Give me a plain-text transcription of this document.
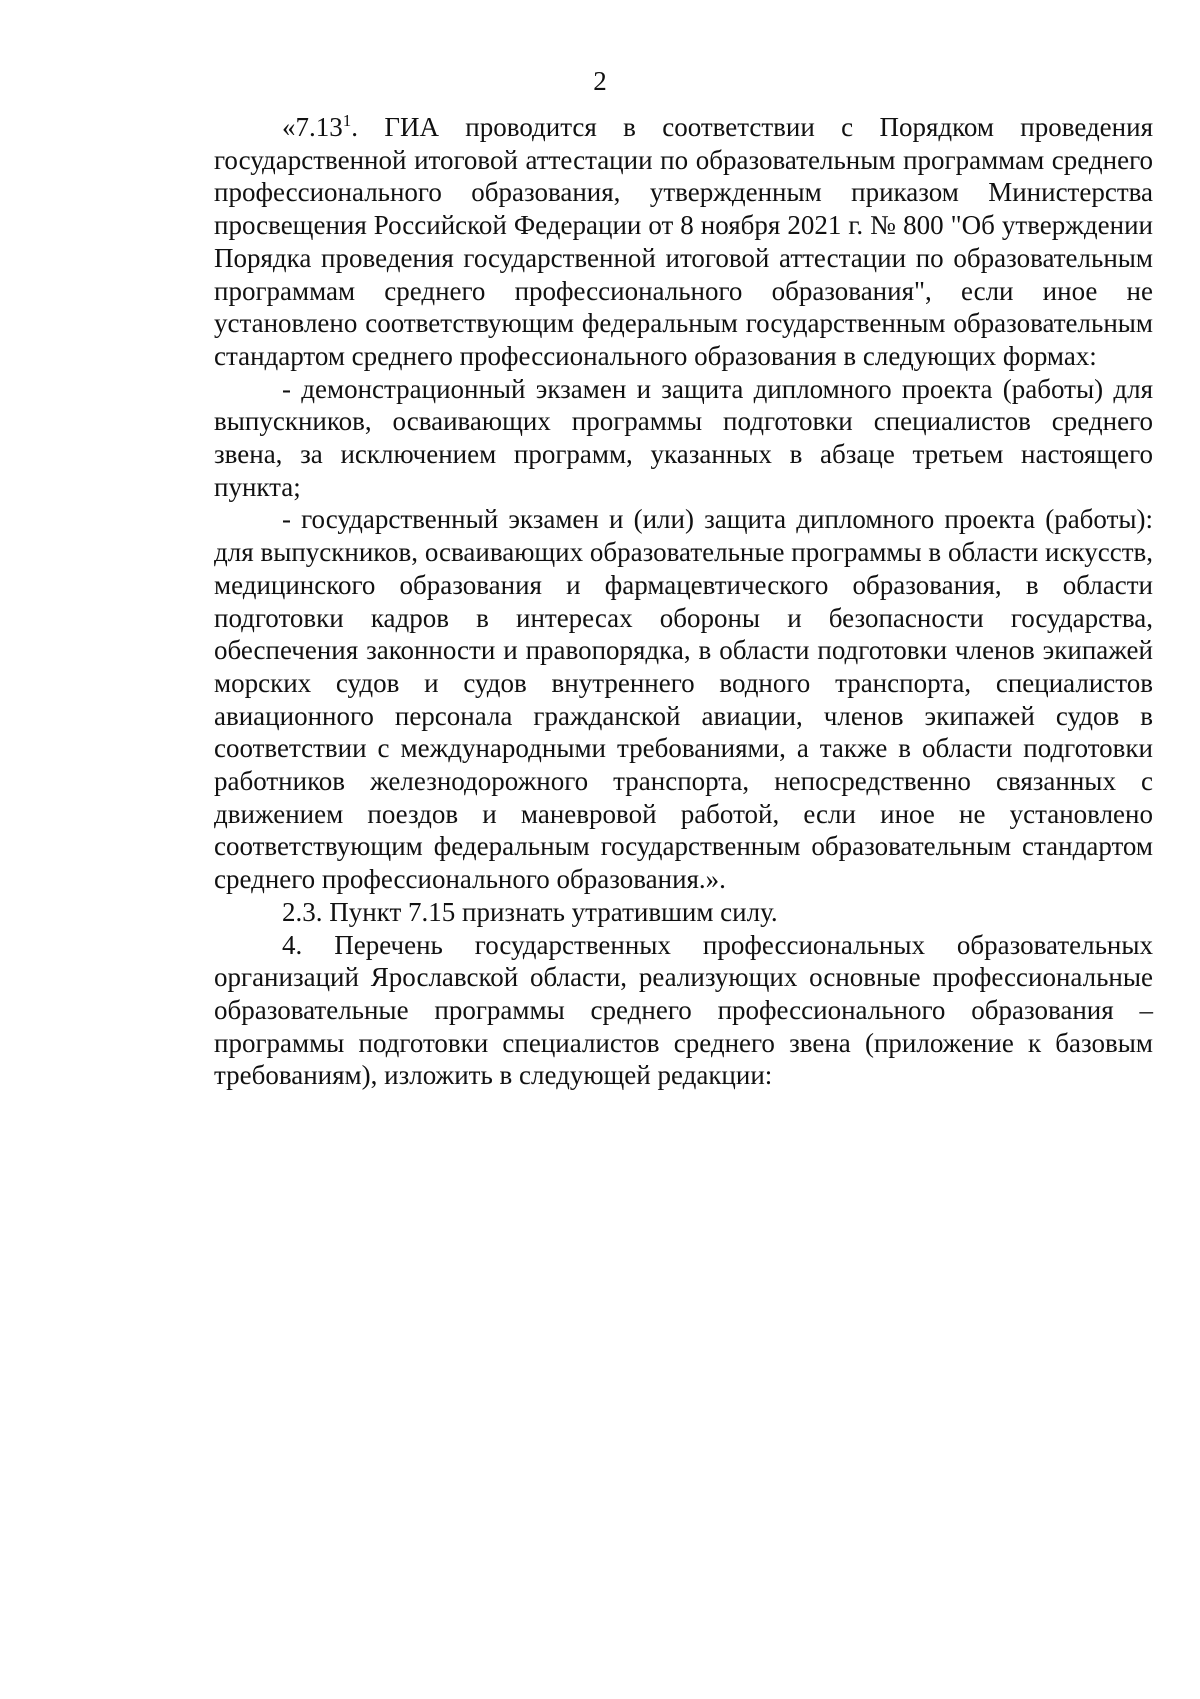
2

«7.13$^1$. ГИА проводится в соответствии с Порядком проведения государственной итоговой аттестации по образовательным программам среднего профессионального образования, утвержденным приказом Министерства просвещения Российской Федерации от 8 ноября 2021 г. № 800 "Об утверждении Порядка проведения государственной итоговой аттестации по образовательным программам среднего профессионального образования", если иное не установлено соответствующим федеральным государственным образовательным стандартом среднего профессионального образования в следующих формах:

- демонстрационный экзамен и защита дипломного проекта (работы) для выпускников, осваивающих программы подготовки специалистов среднего звена, за исключением программ, указанных в абзаце третьем настоящего пункта;

- государственный экзамен и (или) защита дипломного проекта (работы): для выпускников, осваивающих образовательные программы в области искусств, медицинского образования и фармацевтического образования, в области подготовки кадров в интересах обороны и безопасности государства, обеспечения законности и правопорядка, в области подготовки членов экипажей морских судов и судов внутреннего водного транспорта, специалистов авиационного персонала гражданской авиации, членов экипажей судов в соответствии с международными требованиями, а также в области подготовки работников железнодорожного транспорта, непосредственно связанных с движением поездов и маневровой работой, если иное не установлено соответствующим федеральным государственным образовательным стандартом среднего профессионального образования.».

2.3. Пункт 7.15 признать утратившим силу.

4. Перечень государственных профессиональных образовательных организаций Ярославской области, реализующих основные профессиональные образовательные программы среднего профессионального образования – программы подготовки специалистов среднего звена (приложение к базовым требованиям), изложить в следующей редакции:
